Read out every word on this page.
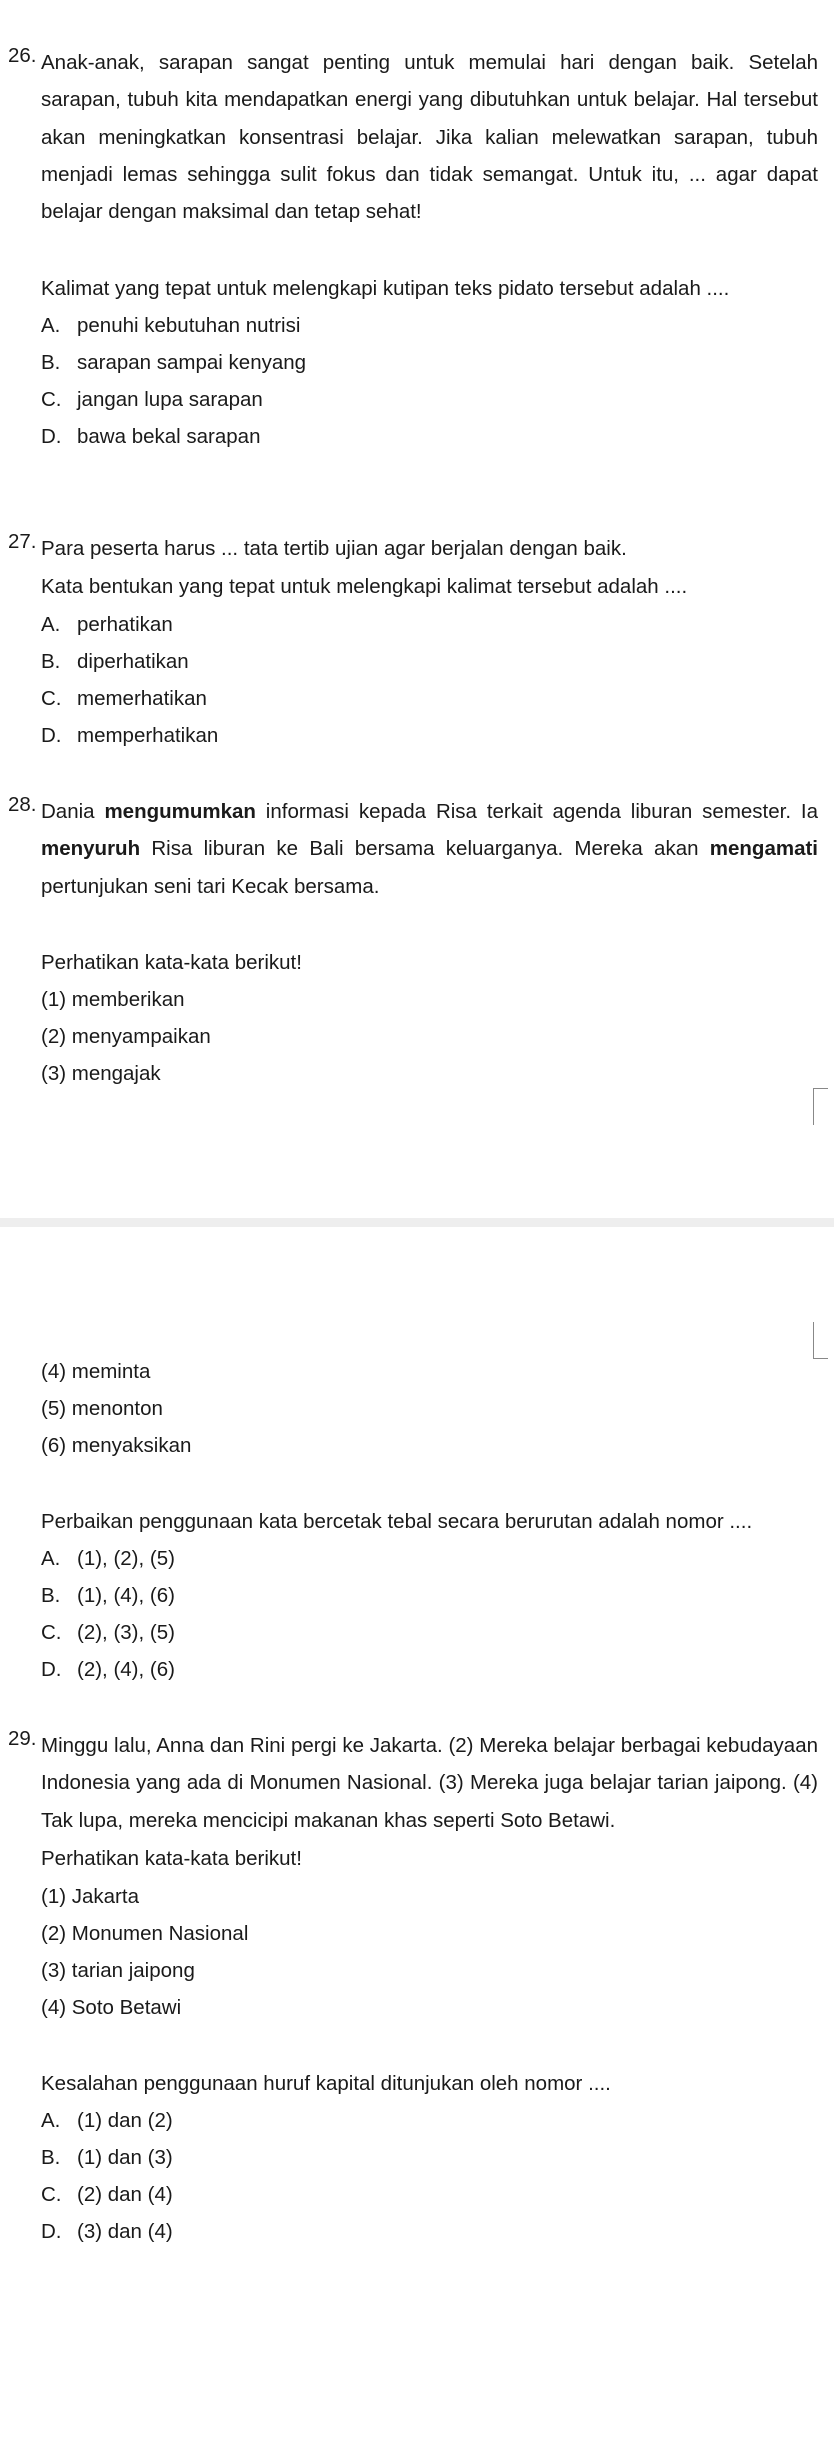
26. Anak-anak, sarapan sangat penting untuk memulai hari dengan baik. Setelah sarapan, tubuh kita mendapatkan energi yang dibutuhkan untuk belajar. Hal tersebut akan meningkatkan konsentrasi belajar. Jika kalian melewatkan sarapan, tubuh menjadi lemas sehingga sulit fokus dan tidak semangat. Untuk itu, ... agar dapat belajar dengan maksimal dan tetap sehat!
Kalimat yang tepat untuk melengkapi kutipan teks pidato tersebut adalah ....
A. penuhi kebutuhan nutrisi
B. sarapan sampai kenyang
C. jangan lupa sarapan
D. bawa bekal sarapan
27. Para peserta harus ... tata tertib ujian agar berjalan dengan baik.
Kata bentukan yang tepat untuk melengkapi kalimat tersebut adalah ....
A. perhatikan
B. diperhatikan
C. memerhatikan
D. memperhatikan
28. Dania mengumumkan informasi kepada Risa terkait agenda liburan semester. Ia menyuruh Risa liburan ke Bali bersama keluarganya. Mereka akan mengamati pertunjukan seni tari Kecak bersama.
Perhatikan kata-kata berikut!
(1) memberikan
(2) menyampaikan
(3) mengajak
(4) meminta
(5) menonton
(6) menyaksikan
Perbaikan penggunaan kata bercetak tebal secara berurutan adalah nomor ....
A. (1), (2), (5)
B. (1), (4), (6)
C. (2), (3), (5)
D. (2), (4), (6)
29. Minggu lalu, Anna dan Rini pergi ke Jakarta. (2) Mereka belajar berbagai kebudayaan Indonesia yang ada di Monumen Nasional. (3) Mereka juga belajar tarian jaipong. (4) Tak lupa, mereka mencicipi makanan khas seperti Soto Betawi.
Perhatikan kata-kata berikut!
(1) Jakarta
(2) Monumen Nasional
(3) tarian jaipong
(4) Soto Betawi
Kesalahan penggunaan huruf kapital ditunjukan oleh nomor ....
A. (1) dan (2)
B. (1) dan (3)
C. (2) dan (4)
D. (3) dan (4)
